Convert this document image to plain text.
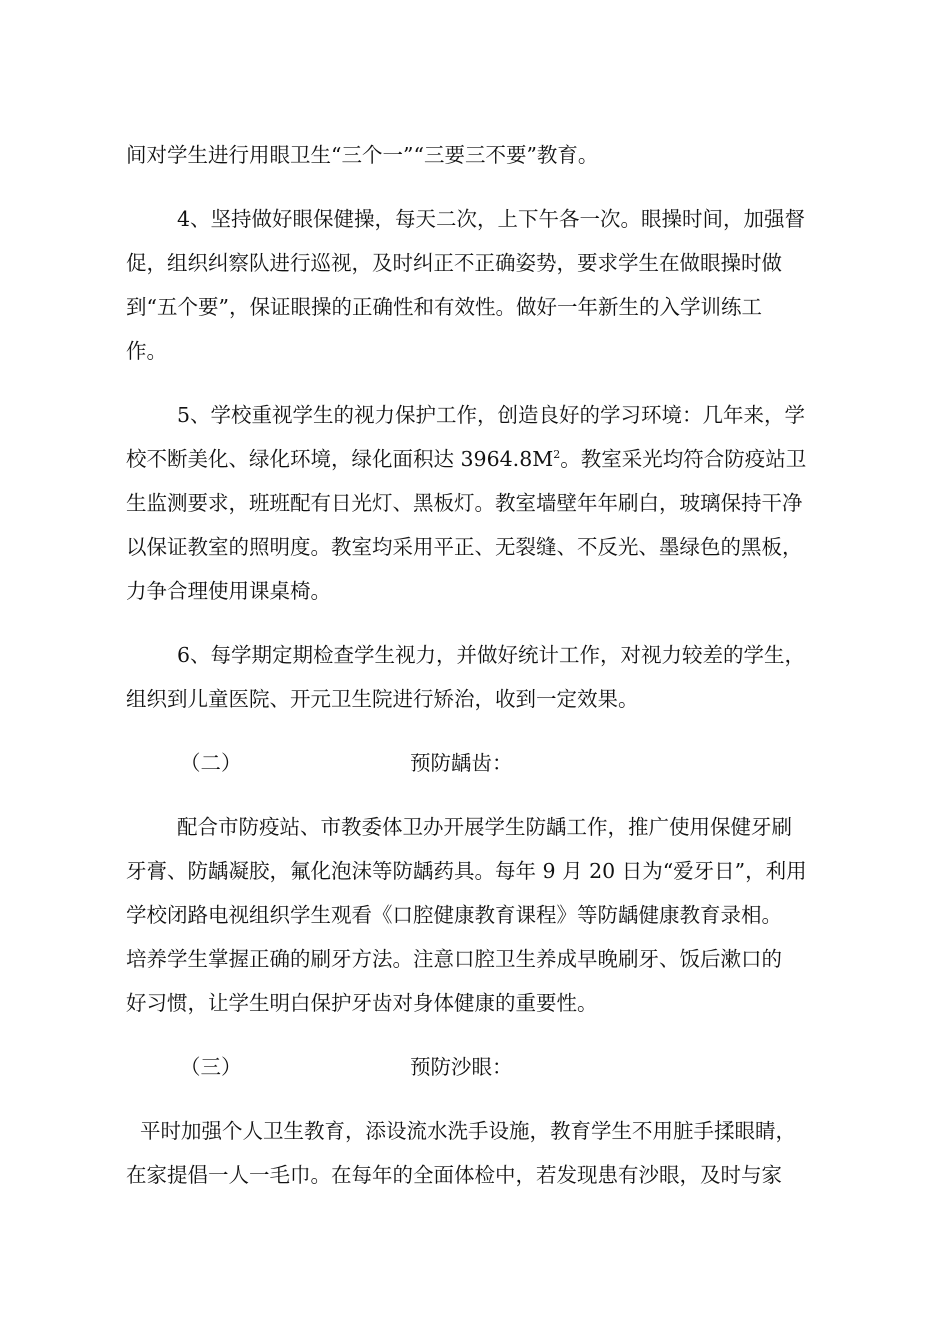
间对学生进行用眼卫生“三个一”“三要三不要”教育。
4、坚持做好眼保健操，每天二次，上下午各一次。眼操时间，加强督
促，组织纠察队进行巡视，及时纠正不正确姿势，要求学生在做眼操时做
到“五个要”，保证眼操的正确性和有效性。做好一年新生的入学训练工
作。
5、学校重视学生的视力保护工作，创造良好的学习环境：几年来，学
校不断美化、绿化环境，绿化面积达 $3964.8M^2$。教室采光均符合防疫站卫
生监测要求，班班配有日光灯、黑板灯。教室墙壁年年刷白，玻璃保持干净
以保证教室的照明度。教室均采用平正、无裂缝、不反光、墨绿色的黑板，
力争合理使用课桌椅。
6、每学期定期检查学生视力，并做好统计工作，对视力较差的学生，
组织到儿童医院、开元卫生院进行矫治，收到一定效果。
（二）	预防龋齿：
配合市防疫站、市教委体卫办开展学生防龋工作，推广使用保健牙刷
牙膏、防龋凝胶，氟化泡沫等防龋药具。每年 9 月 20 日为“爱牙日”，利用
学校闭路电视组织学生观看《口腔健康教育课程》等防龋健康教育录相。
培养学生掌握正确的刷牙方法。注意口腔卫生养成早晚刷牙、饭后漱口的
好习惯，让学生明白保护牙齿对身体健康的重要性。
（三）	预防沙眼：
平时加强个人卫生教育，添设流水洗手设施，教育学生不用脏手揉眼睛，
在家提倡一人一毛巾。在每年的全面体检中，若发现患有沙眼，及时与家
